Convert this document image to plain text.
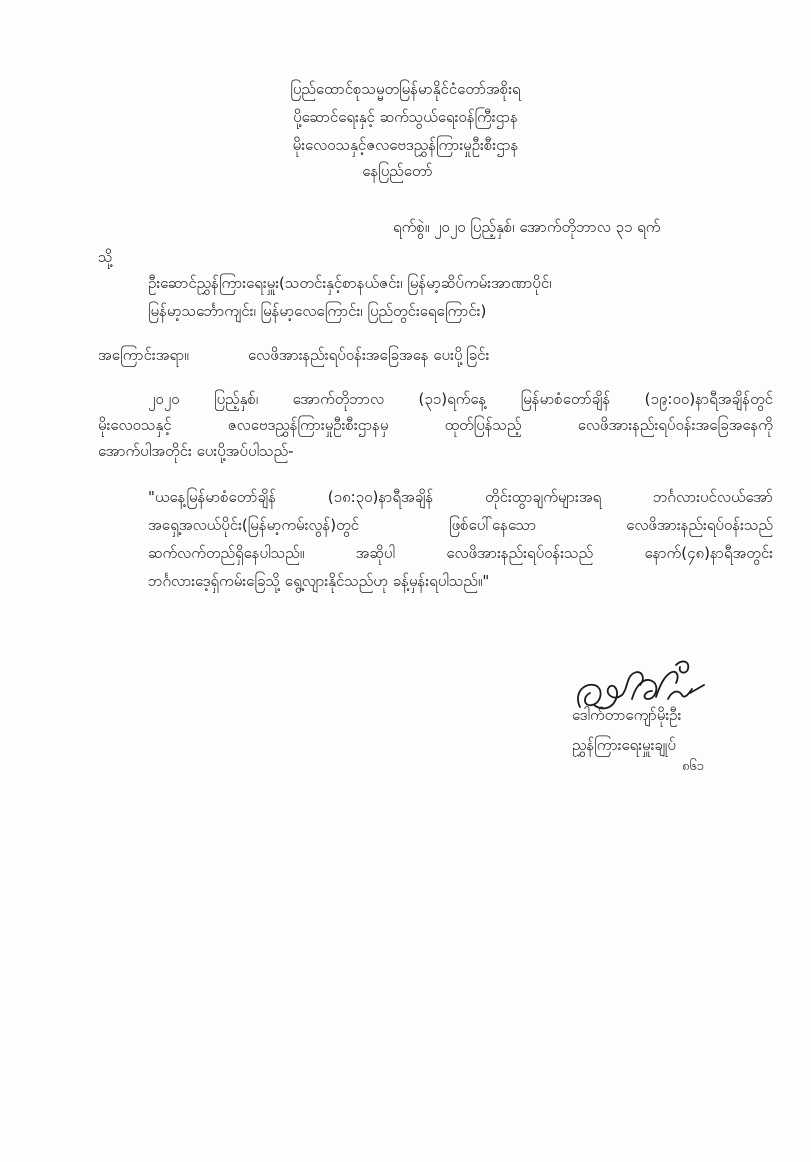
ပြည်ထောင်စုသမ္မတမြန်မာနိုင်ငံတော်အစိုးရ
ပို့ဆောင်ရေးနှင့် ဆက်သွယ်ရေးဝန်ကြီးဌာန
မိုးလေဝသနှင့်ဇလဗေဒညွှန်ကြားမှုဦးစီးဌာန
နေပြည်တော်
ရက်စွဲ။ ၂၀၂၀ ပြည့်နှစ်၊ အောက်တိုဘာလ ၃၁ ရက်
သို့
ဦးဆောင်ညွှန်ကြားရေးမှူး(သတင်းနှင့်စာနယ်ဇင်း၊ မြန်မာ့ဆိပ်ကမ်းအာဏာပိုင်၊
မြန်မာ့သင်္ဘောကျင်း၊ မြန်မာ့လေကြောင်း၊ ပြည်တွင်းရေကြောင်း)
အကြောင်းအရာ။	လေဖိအားနည်းရပ်ဝန်းအခြေအနေ ပေးပို့ခြင်း
၂၀၂၀ ပြည့်နှစ်၊ အောက်တိုဘာလ (၃၁)ရက်နေ့ မြန်မာစံတော်ချိန် (၁၉:၀၀)နာရီအချိန်တွင်
မိုးလေဝသနှင့် ဇလဗေဒညွှန်ကြားမှုဦးစီးဌာနမှ ထုတ်ပြန်သည့် လေဖိအားနည်းရပ်ဝန်းအခြေအနေကို
အောက်ပါအတိုင်း ပေးပို့အပ်ပါသည်-
"ယနေ့မြန်မာစံတော်ချိန် (၁၈:၃၀)နာရီအချိန် တိုင်းထွာချက်များအရ ဘင်္ဂလားပင်လယ်အော်
အရှေ့အလယ်ပိုင်း(မြန်မာ့ကမ်းလွန်)တွင် ဖြစ်ပေါ်နေသော လေဖိအားနည်းရပ်ဝန်းသည်
ဆက်လက်တည်ရှိနေပါသည်။ အဆိုပါ လေဖိအားနည်းရပ်ဝန်းသည် နောက်(၄၈)နာရီအတွင်း
ဘင်္ဂလားဒေ့ရှ်ကမ်းခြေသို့ ရွေ့လျားနိုင်သည်ဟု ခန့်မှန်းရပါသည်။"
ဒေါက်တာကျော်မိုးဦး
ညွှန်ကြားရေးမှူးချုပ်
၈၆၁
